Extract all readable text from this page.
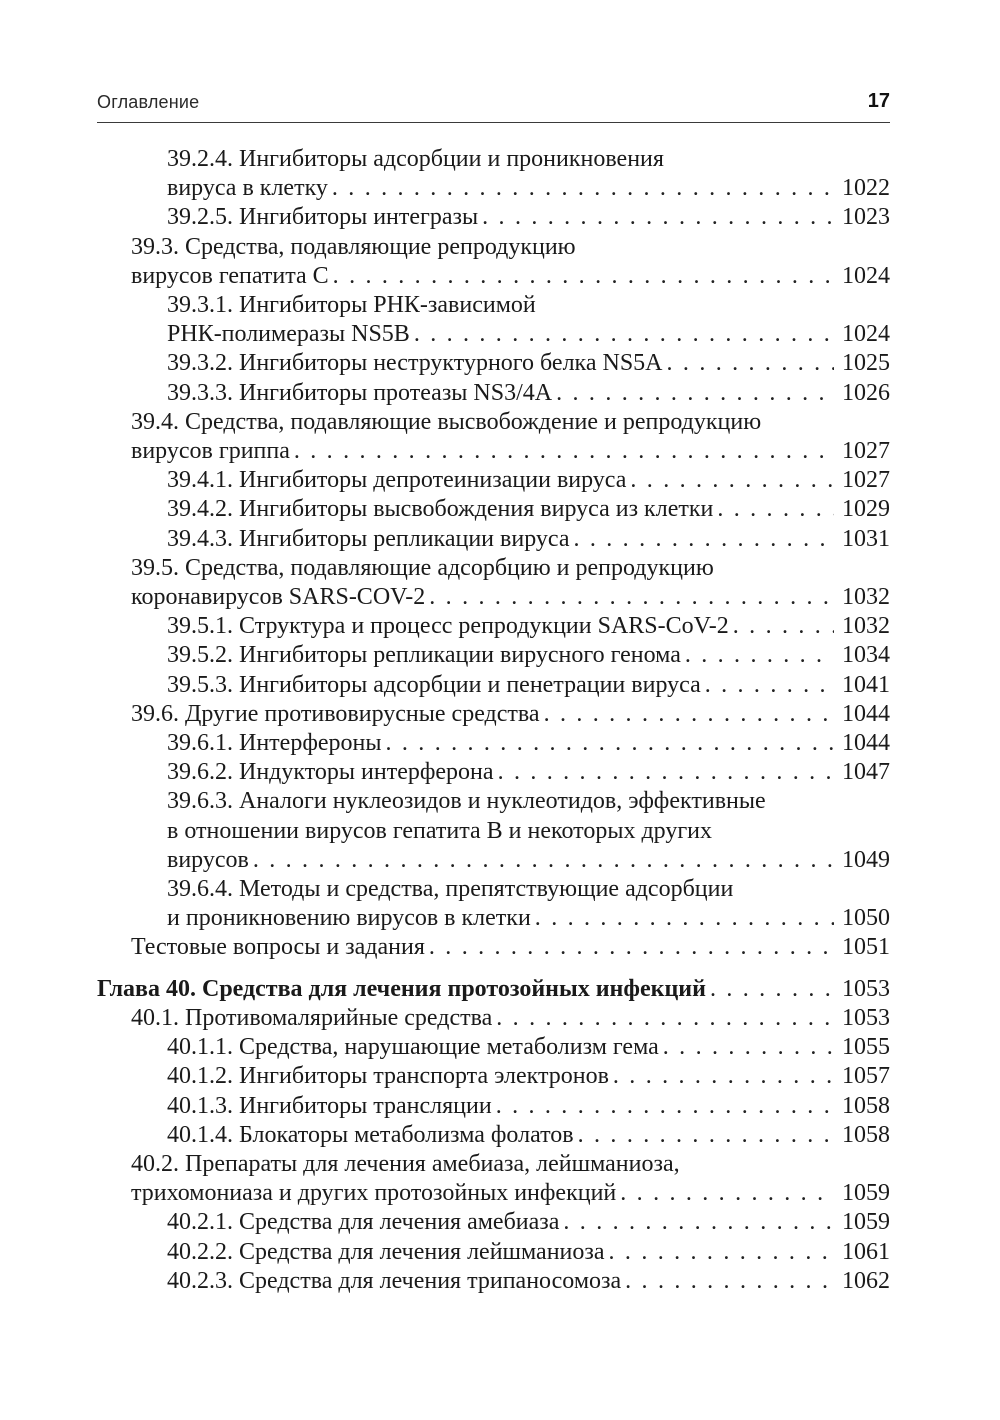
Оглавление	17
39.2.4. Ингибиторы адсорбции и проникновения
вируса в клетку . . .	1022
39.2.5. Ингибиторы интегразы . . .	1023
39.3. Средства, подавляющие репродукцию
вирусов гепатита С . . .	1024
39.3.1. Ингибиторы РНК-зависимой
РНК-полимеразы NS5B . . .	1024
39.3.2. Ингибиторы неструктурного белка NS5A . . .	1025
39.3.3. Ингибиторы протеазы NS3/4A . . .	1026
39.4. Средства, подавляющие высвобождение и репродукцию
вирусов гриппа . . .	1027
39.4.1. Ингибиторы депротеинизации вируса . . .	1027
39.4.2. Ингибиторы высвобождения вируса из клетки . . .	1029
39.4.3. Ингибиторы репликации вируса . . .	1031
39.5. Средства, подавляющие адсорбцию и репродукцию
коронавирусов SARS-COV-2 . . .	1032
39.5.1. Структура и процесс репродукции SARS-CoV-2 . . .	1032
39.5.2. Ингибиторы репликации вирусного генома . . .	1034
39.5.3. Ингибиторы адсорбции и пенетрации вируса . . .	1041
39.6. Другие противовирусные средства . . .	1044
39.6.1. Интерфероны . . .	1044
39.6.2. Индукторы интерферона . . .	1047
39.6.3. Аналоги нуклеозидов и нуклеотидов, эффективные
в отношении вирусов гепатита В и некоторых других
вирусов . . .	1049
39.6.4. Методы и средства, препятствующие адсорбции
и проникновению вирусов в клетки . . .	1050
Тестовые вопросы и задания . . .	1051
Глава 40. Средства для лечения протозойных инфекций . . .	1053
40.1. Противомалярийные средства . . .	1053
40.1.1. Средства, нарушающие метаболизм гема . . .	1055
40.1.2. Ингибиторы транспорта электронов . . .	1057
40.1.3. Ингибиторы трансляции . . .	1058
40.1.4. Блокаторы метаболизма фолатов . . .	1058
40.2. Препараты для лечения амебиаза, лейшманиоза,
трихомониаза и других протозойных инфекций . . .	1059
40.2.1. Средства для лечения амебиаза . . .	1059
40.2.2. Средства для лечения лейшманиоза . . .	1061
40.2.3. Средства для лечения трипаносомоза . . .	1062
